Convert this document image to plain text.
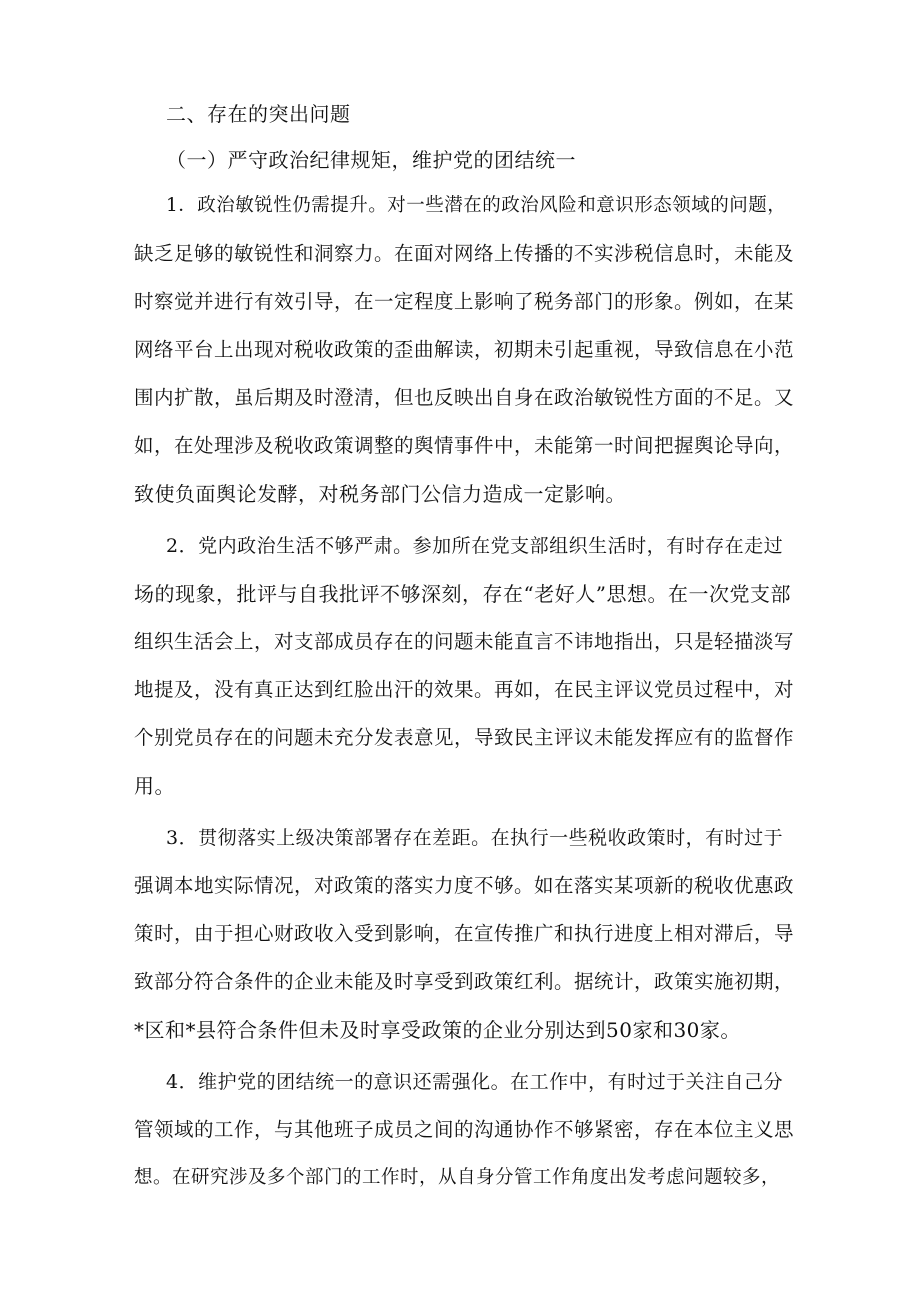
二、存在的突出问题
（一）严守政治纪律规矩，维护党的团结统一
1．政治敏锐性仍需提升。对一些潜在的政治风险和意识形态领域的问题，
缺乏足够的敏锐性和洞察力。在面对网络上传播的不实涉税信息时，未能及
时察觉并进行有效引导，在一定程度上影响了税务部门的形象。例如，在某
网络平台上出现对税收政策的歪曲解读，初期未引起重视，导致信息在小范
围内扩散，虽后期及时澄清，但也反映出自身在政治敏锐性方面的不足。又
如，在处理涉及税收政策调整的舆情事件中，未能第一时间把握舆论导向，
致使负面舆论发酵，对税务部门公信力造成一定影响。
2．党内政治生活不够严肃。参加所在党支部组织生活时，有时存在走过
场的现象，批评与自我批评不够深刻，存在“老好人”思想。在一次党支部
组织生活会上，对支部成员存在的问题未能直言不讳地指出，只是轻描淡写
地提及，没有真正达到红脸出汗的效果。再如，在民主评议党员过程中，对
个别党员存在的问题未充分发表意见，导致民主评议未能发挥应有的监督作
用。
3．贯彻落实上级决策部署存在差距。在执行一些税收政策时，有时过于
强调本地实际情况，对政策的落实力度不够。如在落实某项新的税收优惠政
策时，由于担心财政收入受到影响，在宣传推广和执行进度上相对滞后，导
致部分符合条件的企业未能及时享受到政策红利。据统计，政策实施初期，
*区和*县符合条件但未及时享受政策的企业分别达到50家和30家。
4．维护党的团结统一的意识还需强化。在工作中，有时过于关注自己分
管领域的工作，与其他班子成员之间的沟通协作不够紧密，存在本位主义思
想。在研究涉及多个部门的工作时，从自身分管工作角度出发考虑问题较多，
